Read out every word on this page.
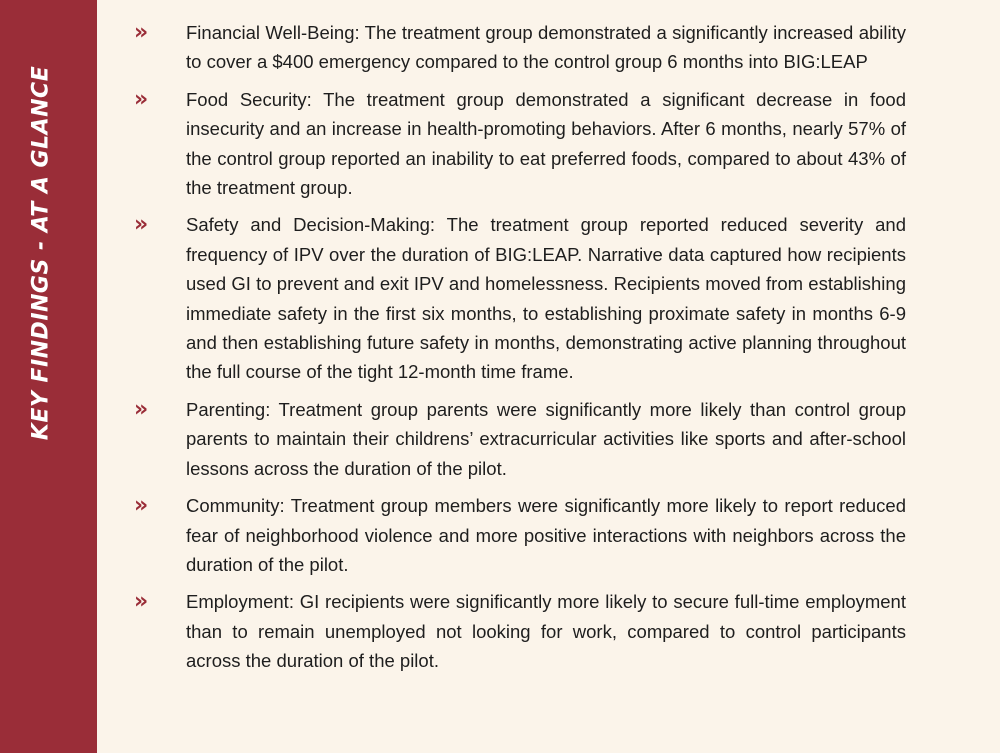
KEY FINDINGS - AT A GLANCE
»	Financial Well-Being: The treatment group demonstrated a significantly increased ability to cover a $400 emergency compared to the control group 6 months into BIG:LEAP

»	Food Security: The treatment group demonstrated a significant decrease in food insecurity and an increase in health-promoting behaviors. After 6 months, nearly 57% of the control group reported an inability to eat preferred foods, compared to about 43% of the treatment group.

»	Safety and Decision-Making: The treatment group reported reduced severity and frequency of IPV over the duration of BIG:LEAP. Narrative data captured how recipients used GI to prevent and exit IPV and homelessness. Recipients moved from establishing immediate safety in the first six months, to establishing proximate safety in months 6-9 and then establishing future safety in months, demonstrating active planning throughout the full course of the tight 12-month time frame.

»	Parenting: Treatment group parents were significantly more likely than control group parents to maintain their childrens’ extracurricular activities like sports and after-school lessons across the duration of the pilot.

»	Community: Treatment group members were significantly more likely to report reduced fear of neighborhood violence and more positive interactions with neighbors across the duration of the pilot.

»	Employment: GI recipients were significantly more likely to secure full-time employment than to remain unemployed not looking for work, compared to control participants across the duration of the pilot.
